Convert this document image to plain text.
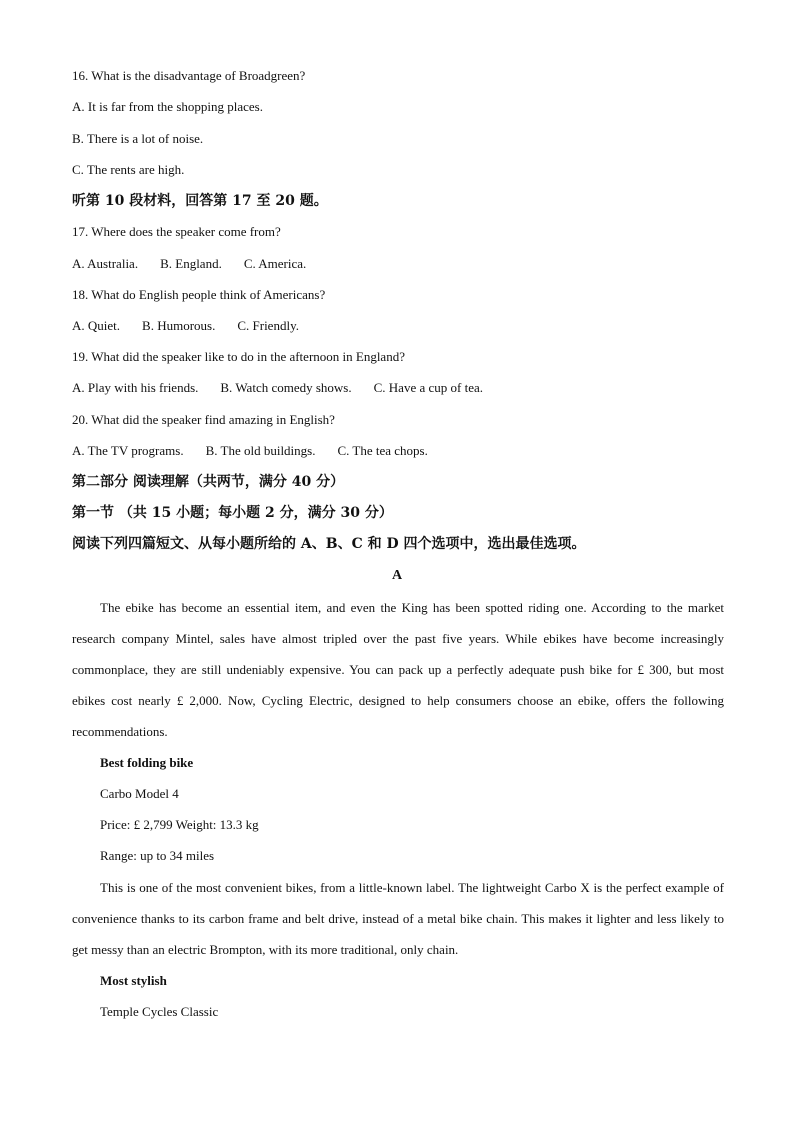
16. What is the disadvantage of Broadgreen?
A. It is far from the shopping places.
B. There is a lot of noise.
C. The rents are high.
听第 10 段材料，回答第 17 至 20 题。
17. Where does the speaker come from?
A. Australia. B. England. C. America.
18. What do English people think of Americans?
A. Quiet. B. Humorous. C. Friendly.
19. What did the speaker like to do in the afternoon in England?
A. Play with his friends. B. Watch comedy shows. C. Have a cup of tea.
20. What did the speaker find amazing in English?
A. The TV programs. B. The old buildings. C. The tea chops.
第二部分 阅读理解（共两节，满分 40 分）
第一节 （共 15 小题；每小题 2 分，满分 30 分）
阅读下列四篇短文、从每小题所给的 A、B、C 和 D 四个选项中，选出最佳选项。
A
The ebike has become an essential item, and even the King has been spotted riding one. According to the market research company Mintel, sales have almost tripled over the past five years. While ebikes have become increasingly commonplace, they are still undeniably expensive. You can pack up a perfectly adequate push bike for £ 300, but most ebikes cost nearly £ 2,000. Now, Cycling Electric, designed to help consumers choose an ebike, offers the following recommendations.
Best folding bike
Carbo Model 4
Price: £ 2,799 Weight: 13.3 kg
Range: up to 34 miles
This is one of the most convenient bikes, from a little-known label. The lightweight Carbo X is the perfect example of convenience thanks to its carbon frame and belt drive, instead of a metal bike chain. This makes it lighter and less likely to get messy than an electric Brompton, with its more traditional, only chain.
Most stylish
Temple Cycles Classic
